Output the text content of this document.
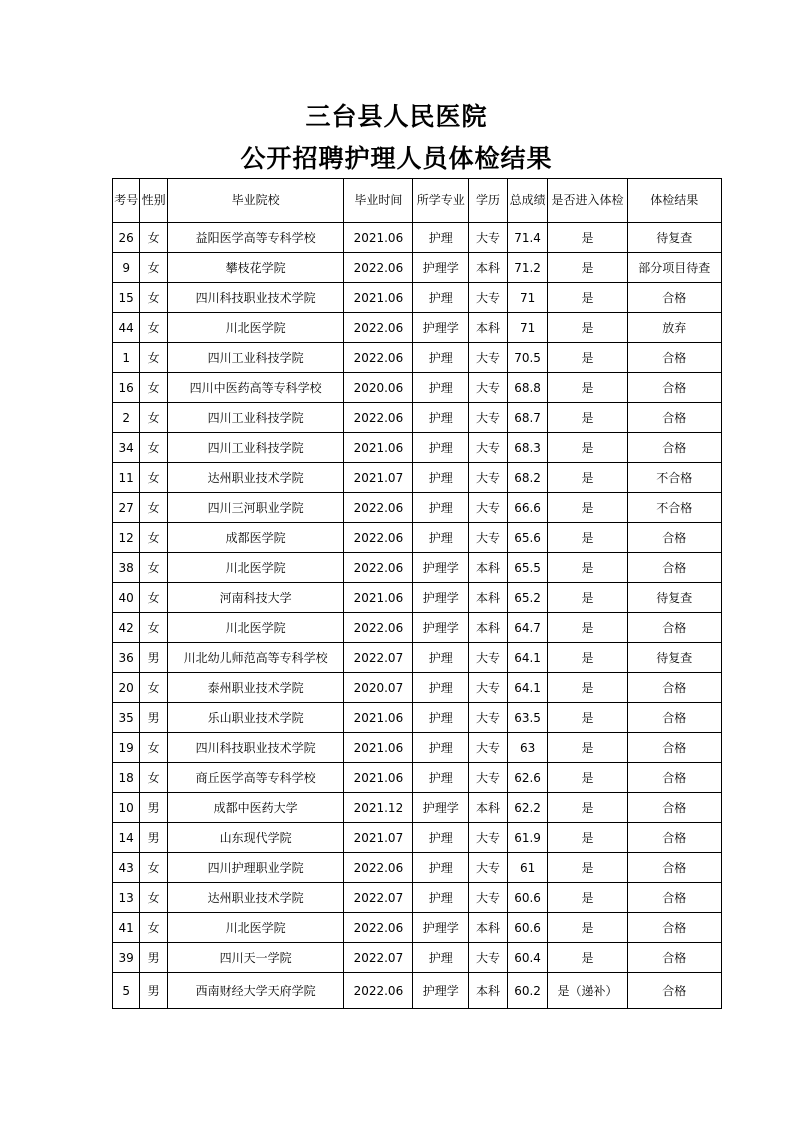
三台县人民医院
公开招聘护理人员体检结果
考号	性别	毕业院校	毕业时间	所学专业	学历	总成绩	是否进入体检	体检结果
26	女	益阳医学高等专科学校	2021.06	护理	大专	71.4	是	待复查
9	女	攀枝花学院	2022.06	护理学	本科	71.2	是	部分项目待查
15	女	四川科技职业技术学院	2021.06	护理	大专	71	是	合格
44	女	川北医学院	2022.06	护理学	本科	71	是	放弃
1	女	四川工业科技学院	2022.06	护理	大专	70.5	是	合格
16	女	四川中医药高等专科学校	2020.06	护理	大专	68.8	是	合格
2	女	四川工业科技学院	2022.06	护理	大专	68.7	是	合格
34	女	四川工业科技学院	2021.06	护理	大专	68.3	是	合格
11	女	达州职业技术学院	2021.07	护理	大专	68.2	是	不合格
27	女	四川三河职业学院	2022.06	护理	大专	66.6	是	不合格
12	女	成都医学院	2022.06	护理	大专	65.6	是	合格
38	女	川北医学院	2022.06	护理学	本科	65.5	是	合格
40	女	河南科技大学	2021.06	护理学	本科	65.2	是	待复查
42	女	川北医学院	2022.06	护理学	本科	64.7	是	合格
36	男	川北幼儿师范高等专科学校	2022.07	护理	大专	64.1	是	待复查
20	女	泰州职业技术学院	2020.07	护理	大专	64.1	是	合格
35	男	乐山职业技术学院	2021.06	护理	大专	63.5	是	合格
19	女	四川科技职业技术学院	2021.06	护理	大专	63	是	合格
18	女	商丘医学高等专科学校	2021.06	护理	大专	62.6	是	合格
10	男	成都中医药大学	2021.12	护理学	本科	62.2	是	合格
14	男	山东现代学院	2021.07	护理	大专	61.9	是	合格
43	女	四川护理职业学院	2022.06	护理	大专	61	是	合格
13	女	达州职业技术学院	2022.07	护理	大专	60.6	是	合格
41	女	川北医学院	2022.06	护理学	本科	60.6	是	合格
39	男	四川天一学院	2022.07	护理	大专	60.4	是	合格
5	男	西南财经大学天府学院	2022.06	护理学	本科	60.2	是（递补）	合格
